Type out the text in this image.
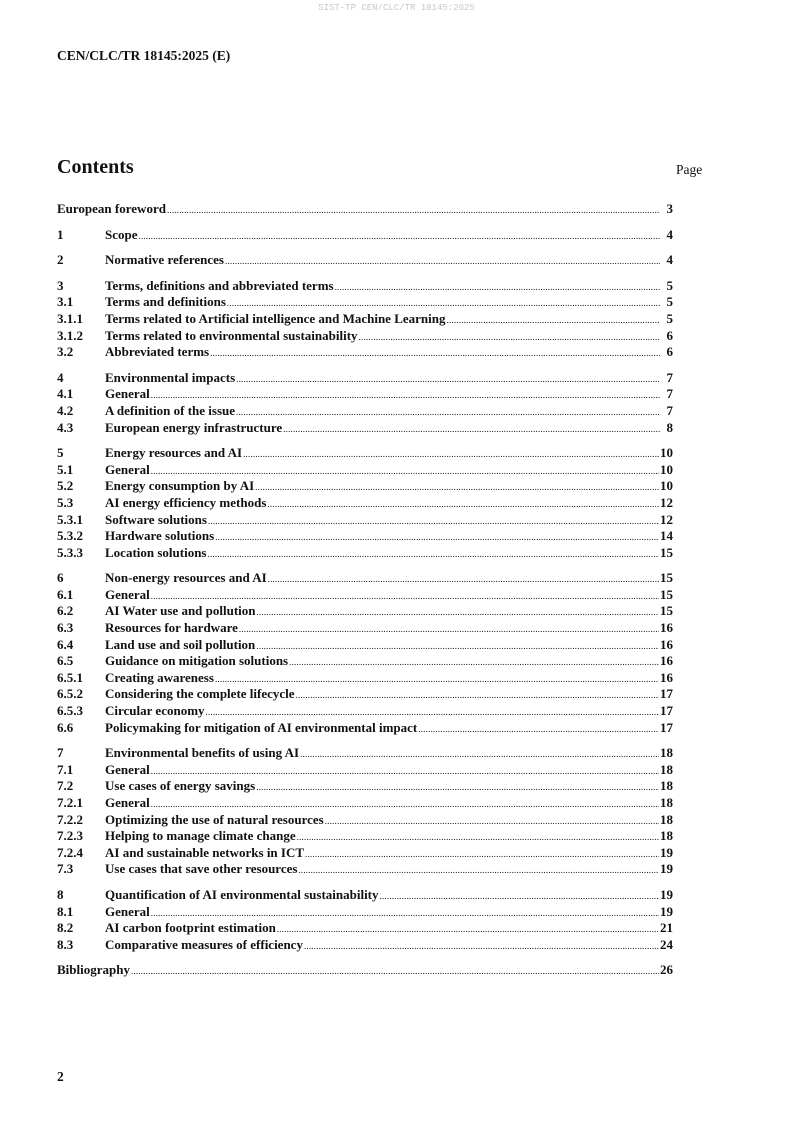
SIST-TP CEN/CLC/TR 18145:2025
CEN/CLC/TR 18145:2025 (E)
Contents	Page
European foreword .....	3
1	Scope .....	4
2	Normative references .....	4
3	Terms, definitions and abbreviated terms .....	5
3.1	Terms and definitions .....	5
3.1.1	Terms related to Artificial intelligence and Machine Learning .....	5
3.1.2	Terms related to environmental sustainability .....	6
3.2	Abbreviated terms .....	6
4	Environmental impacts .....	7
4.1	General .....	7
4.2	A definition of the issue .....	7
4.3	European energy infrastructure .....	8
5	Energy resources and AI .....	10
5.1	General .....	10
5.2	Energy consumption by AI .....	10
5.3	AI energy efficiency methods .....	12
5.3.1	Software solutions .....	12
5.3.2	Hardware solutions .....	14
5.3.3	Location solutions .....	15
6	Non-energy resources and AI .....	15
6.1	General .....	15
6.2	AI Water use and pollution .....	15
6.3	Resources for hardware .....	16
6.4	Land use and soil pollution .....	16
6.5	Guidance on mitigation solutions .....	16
6.5.1	Creating awareness .....	16
6.5.2	Considering the complete lifecycle .....	17
6.5.3	Circular economy .....	17
6.6	Policymaking for mitigation of AI environmental impact .....	17
7	Environmental benefits of using AI .....	18
7.1	General .....	18
7.2	Use cases of energy savings .....	18
7.2.1	General .....	18
7.2.2	Optimizing the use of natural resources .....	18
7.2.3	Helping to manage climate change .....	18
7.2.4	AI and sustainable networks in ICT .....	19
7.3	Use cases that save other resources .....	19
8	Quantification of AI environmental sustainability .....	19
8.1	General .....	19
8.2	AI carbon footprint estimation .....	21
8.3	Comparative measures of efficiency .....	24
Bibliography .....	26
2
